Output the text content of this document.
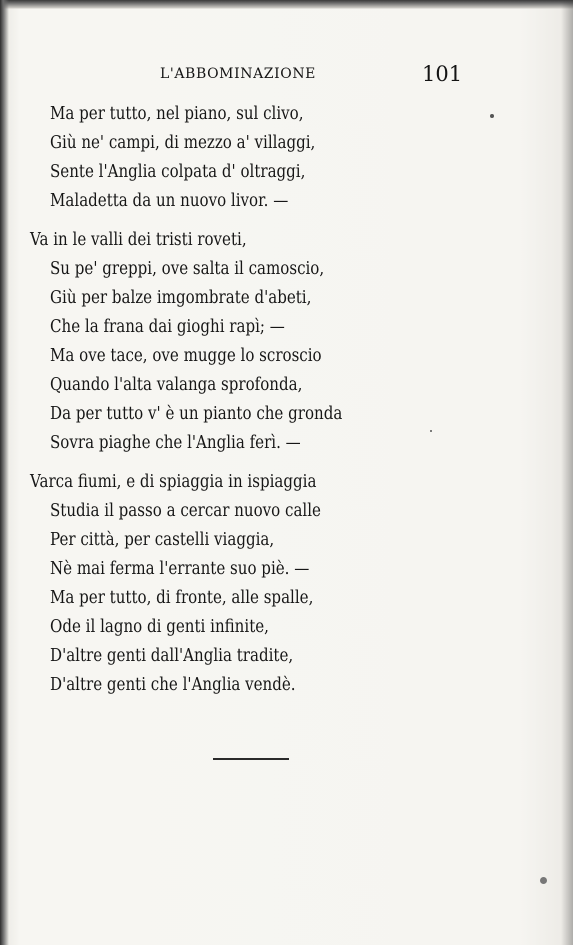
L'ABBOMINAZIONE	101
Ma per tutto, nel piano, sul clivo,
Giù ne' campi, di mezzo a' villaggi,
Sente l'Anglia colpata d' oltraggi,
Maladetta da un nuovo livor. —
Va in le valli dei tristi roveti,
Su pe' greppi, ove salta il camoscio,
Giù per balze imgombrate d'abeti,
Che la frana dai gioghi rapì; —
Ma ove tace, ove mugge lo scroscio
Quando l'alta valanga sprofonda,
Da per tutto v' è un pianto che gronda
Sovra piaghe che l'Anglia ferì. —
Varca fiumi, e di spiaggia in ispiaggia
Studia il passo a cercar nuovo calle
Per città, per castelli viaggia,
Nè mai ferma l'errante suo piè. —
Ma per tutto, di fronte, alle spalle,
Ode il lagno di genti infinite,
D'altre genti dall'Anglia tradite,
D'altre genti che l'Anglia vendè.
